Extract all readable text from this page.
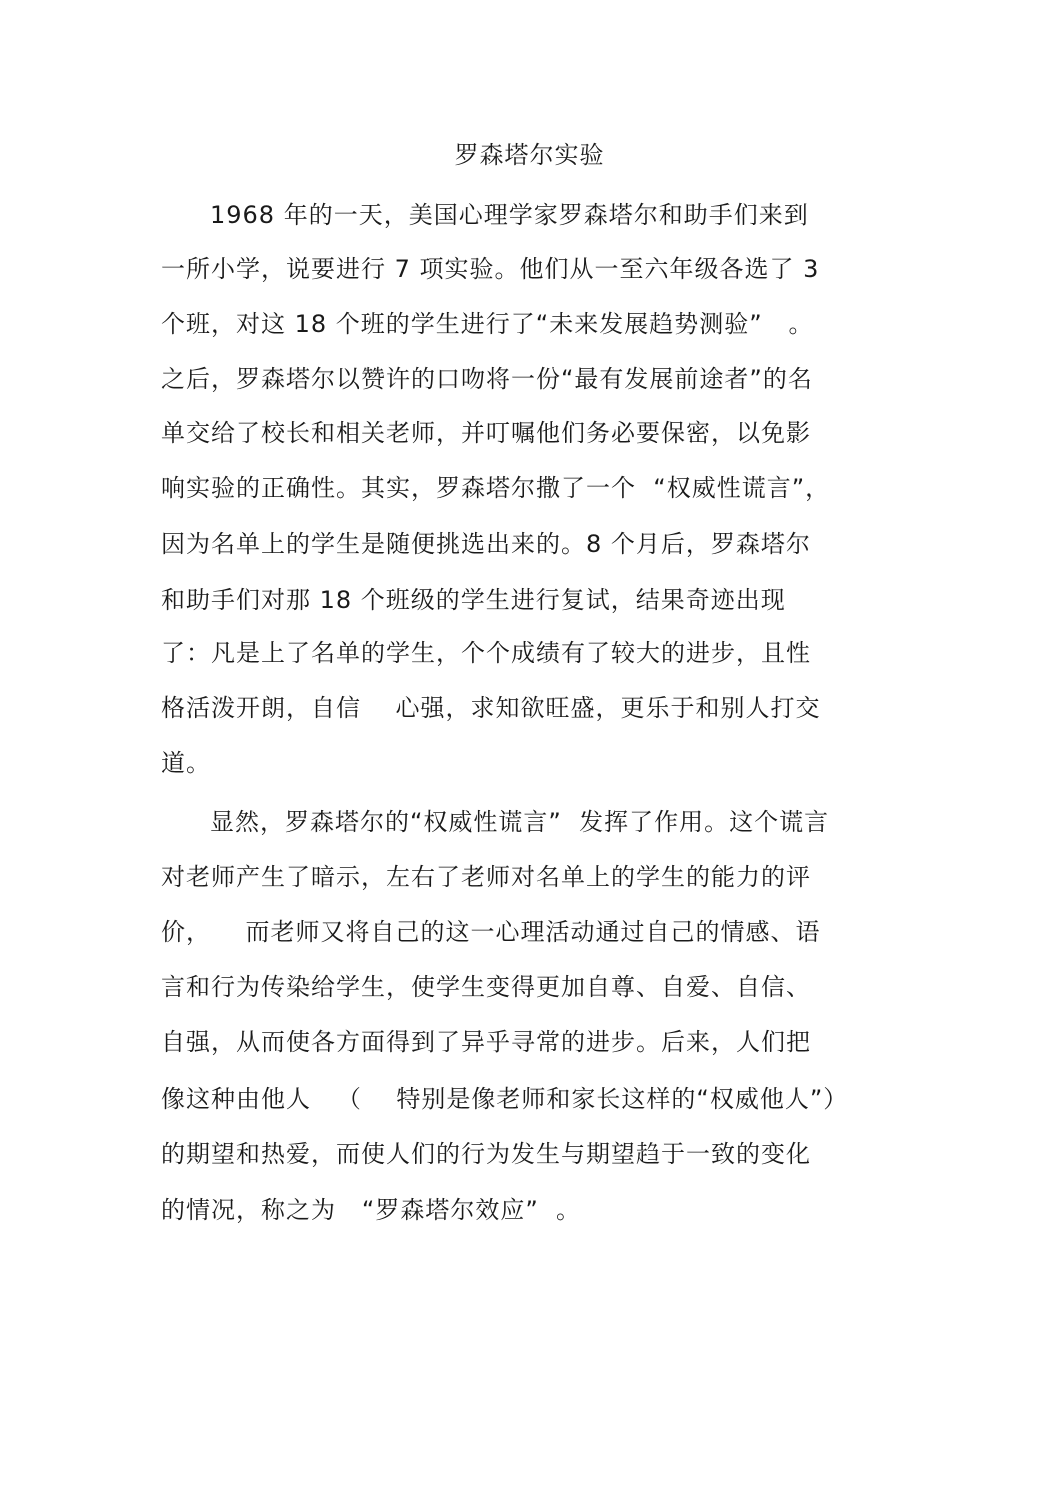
罗森塔尔实验
1968 年的一天，美国心理学家罗森塔尔和助手们来到
一所小学，说要进行 7 项实验。他们从一至六年级各选了 3
个班，对这 18 个班的学生进行了“未来发展趋势测验”   。
之后，罗森塔尔以赞许的口吻将一份“最有发展前途者”的名
单交给了校长和相关老师，并叮嘱他们务必要保密，以免影
响实验的正确性。其实，罗森塔尔撒了一个  “权威性谎言”，
因为名单上的学生是随便挑选出来的。8 个月后，罗森塔尔
和助手们对那 18 个班级的学生进行复试，结果奇迹出现
了：凡是上了名单的学生，个个成绩有了较大的进步，且性
格活泼开朗，自信    心强，求知欲旺盛，更乐于和别人打交
道。
显然，罗森塔尔的“权威性谎言”  发挥了作用。这个谎言
对老师产生了暗示，左右了老师对名单上的学生的能力的评
价，    而老师又将自己的这一心理活动通过自己的情感、语
言和行为传染给学生，使学生变得更加自尊、自爱、自信、
自强，从而使各方面得到了异乎寻常的进步。后来，人们把
像这种由他人   （    特别是像老师和家长这样的“权威他人”）
的期望和热爱，而使人们的行为发生与期望趋于一致的变化
的情况，称之为   “罗森塔尔效应”  。
